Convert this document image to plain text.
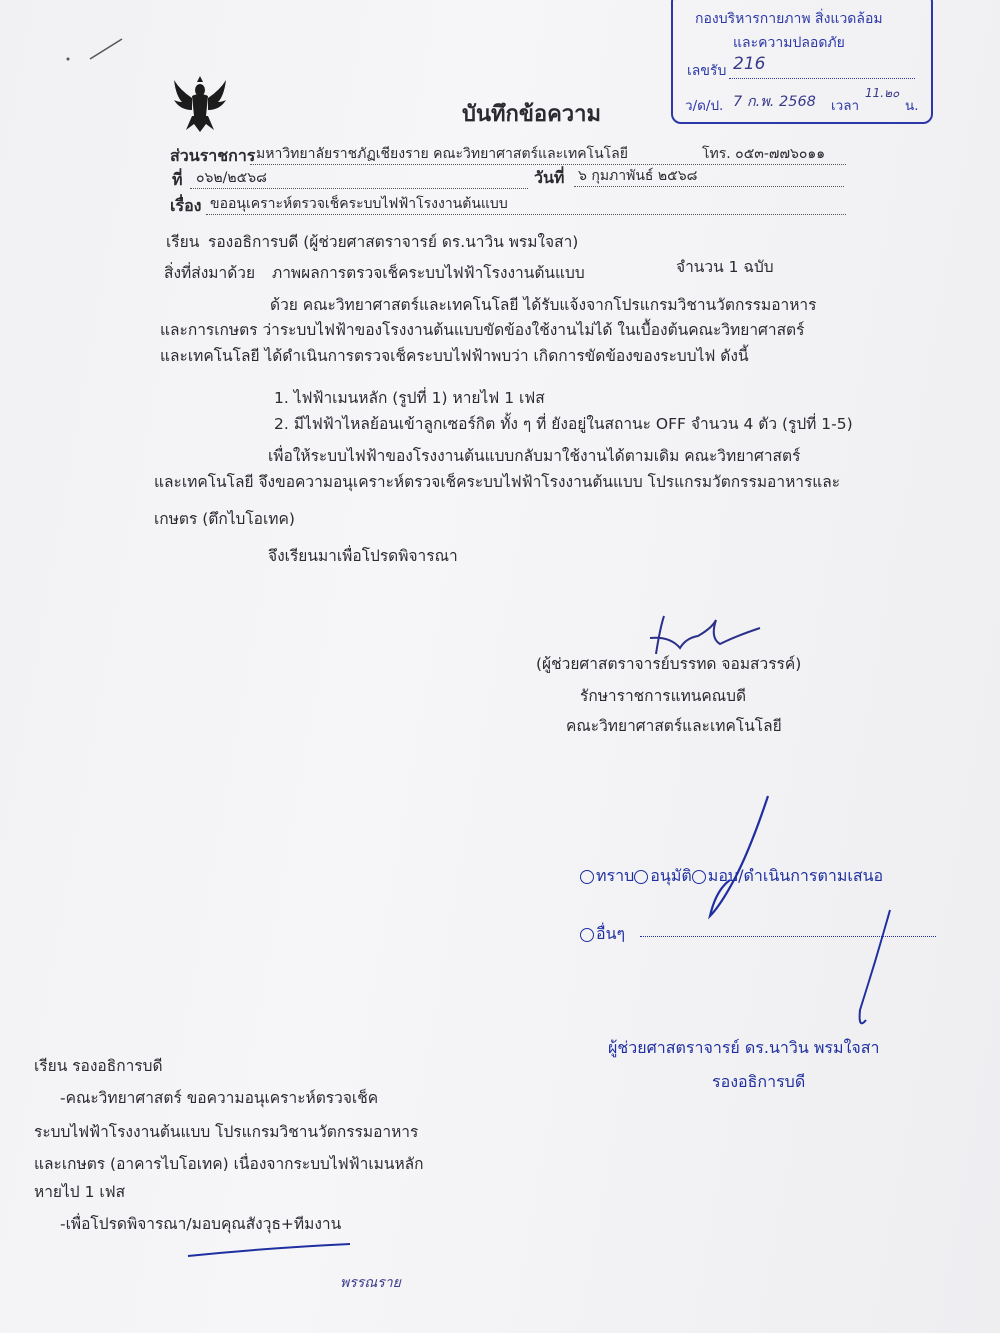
กองบริหารกายภาพ สิ่งแวดล้อม
และความปลอดภัย
เลขรับ 216
ว/ด/ป. 7 ก.พ. 2568 เวลา
11.๒๐
น.
บันทึกข้อความ
ส่วนราชการ มหาวิทยาลัยราชภัฏเชียงราย คณะวิทยาศาสตร์และเทคโนโลยี	โทร. ๐๕๓-๗๗๖๐๑๑
ที่ ๐๖๒/๒๕๖๘	วันที่ ๖ กุมภาพันธ์ ๒๕๖๘
เรื่อง ขออนุเคราะห์ตรวจเช็คระบบไฟฟ้าโรงงานต้นแบบ
เรียน รองอธิการบดี (ผู้ช่วยศาสตราจารย์ ดร.นาวิน พรมใจสา)
สิ่งที่ส่งมาด้วย ภาพผลการตรวจเช็คระบบไฟฟ้าโรงงานต้นแบบ	จำนวน 1 ฉบับ
ด้วย คณะวิทยาศาสตร์และเทคโนโลยี ได้รับแจ้งจากโปรแกรมวิชานวัตกรรมอาหาร
และการเกษตร ว่าระบบไฟฟ้าของโรงงานต้นแบบขัดข้องใช้งานไม่ได้ ในเบื้องต้นคณะวิทยาศาสตร์
และเทคโนโลยี ได้ดำเนินการตรวจเช็คระบบไฟฟ้าพบว่า เกิดการขัดข้องของระบบไฟ ดังนี้
1. ไฟฟ้าเมนหลัก (รูปที่ 1) หายไฟ 1 เฟส
2. มีไฟฟ้าไหลย้อนเข้าลูกเซอร์กิต ทั้ง ๆ ที่ ยังอยู่ในสถานะ OFF จำนวน 4 ตัว (รูปที่ 1-5)
เพื่อให้ระบบไฟฟ้าของโรงงานต้นแบบกลับมาใช้งานได้ตามเดิม คณะวิทยาศาสตร์
และเทคโนโลยี จึงขอความอนุเคราะห์ตรวจเช็คระบบไฟฟ้าโรงงานต้นแบบ โปรแกรมวัตกรรมอาหารและ
เกษตร (ตึกไบโอเทค)
จึงเรียนมาเพื่อโปรดพิจารณา
(ผู้ช่วยศาสตราจารย์บรรทด จอมสวรรค์)
รักษาราชการแทนคณบดี
คณะวิทยาศาสตร์และเทคโนโลยี
ทราบ อนุมัติ มอบ/ดำเนินการตามเสนอ
อื่นๆ
ผู้ช่วยศาสตราจารย์ ดร.นาวิน พรมใจสา
รองอธิการบดี
เรียน รองอธิการบดี
-คณะวิทยาศาสตร์ ขอความอนุเคราะห์ตรวจเช็ค
ระบบไฟฟ้าโรงงานต้นแบบ โปรแกรมวิชานวัตกรรมอาหาร
และเกษตร (อาคารไบโอเทค) เนื่องจากระบบไฟฟ้าเมนหลัก
หายไป 1 เฟส
-เพื่อโปรดพิจารณา/มอบคุณสังวุธ+ทีมงาน
พรรณราย
